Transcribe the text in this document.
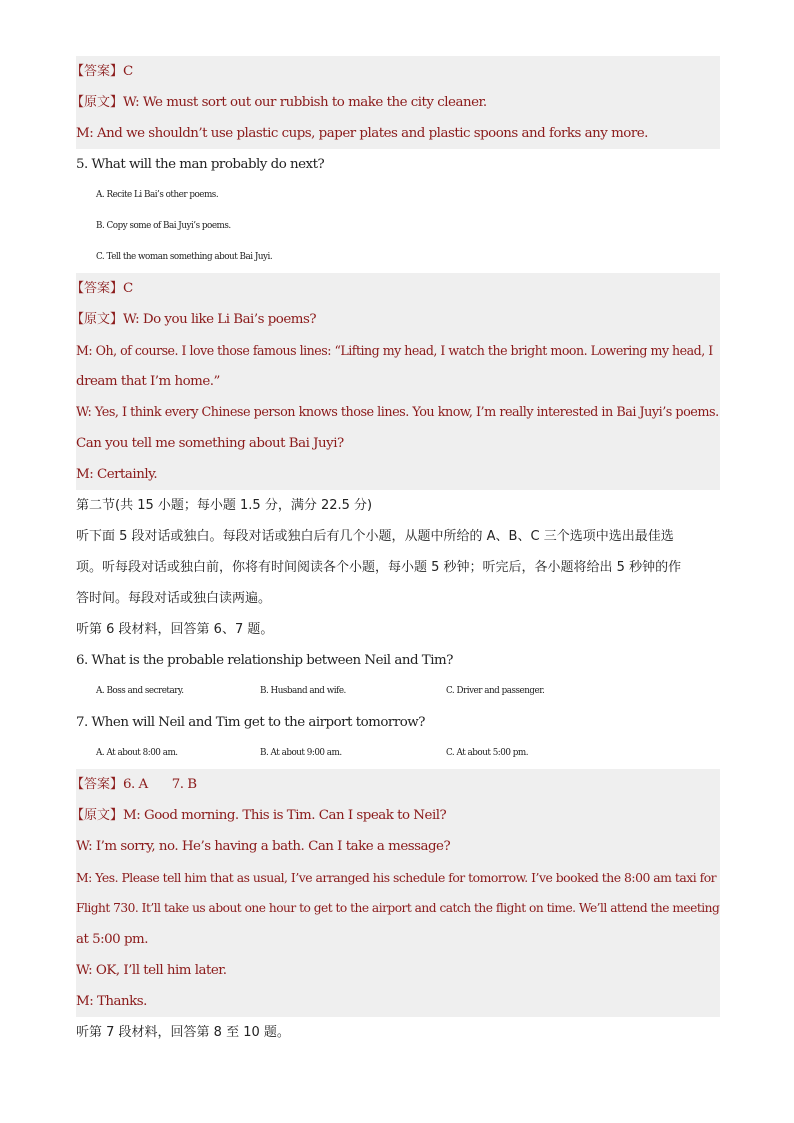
【答案】C
【原文】W: We must sort out our rubbish to make the city cleaner.
M: And we shouldn’t use plastic cups, paper plates and plastic spoons and forks any more.
5. What will the man probably do next?
A. Recite Li Bai’s other poems.
B. Copy some of Bai Juyi’s poems.
C. Tell the woman something about Bai Juyi.
【答案】C
【原文】W: Do you like Li Bai’s poems?
M: Oh, of course. I love those famous lines: “Lifting my head, I watch the bright moon. Lowering my head, I
dream that I’m home.”
W: Yes, I think every Chinese person knows those lines. You know, I’m really interested in Bai Juyi’s poems.
Can you tell me something about Bai Juyi?
M: Certainly.
第二节(共 15 小题；每小题 1.5 分，满分 22.5 分)
听下面 5 段对话或独白。每段对话或独白后有几个小题，从题中所给的 A、B、C 三个选项中选出最佳选
项。听每段对话或独白前，你将有时间阅读各个小题，每小题 5 秒钟；听完后，各小题将给出 5 秒钟的作
答时间。每段对话或独白读两遍。
听第 6 段材料，回答第 6、7 题。
6. What is the probable relationship between Neil and Tim?
A. Boss and secretary.	B. Husband and wife.	C. Driver and passenger.
7. When will Neil and Tim get to the airport tomorrow?
A. At about 8:00 am.	B. At about 9:00 am.	C. At about 5:00 pm.
【答案】6. A 7. B
【原文】M: Good morning. This is Tim. Can I speak to Neil?
W: I’m sorry, no. He’s having a bath. Can I take a message?
M: Yes. Please tell him that as usual, I’ve arranged his schedule for tomorrow. I’ve booked the 8:00 am taxi for
Flight 730. It’ll take us about one hour to get to the airport and catch the flight on time. We’ll attend the meeting
at 5:00 pm.
W: OK, I’ll tell him later.
M: Thanks.
听第 7 段材料，回答第 8 至 10 题。
